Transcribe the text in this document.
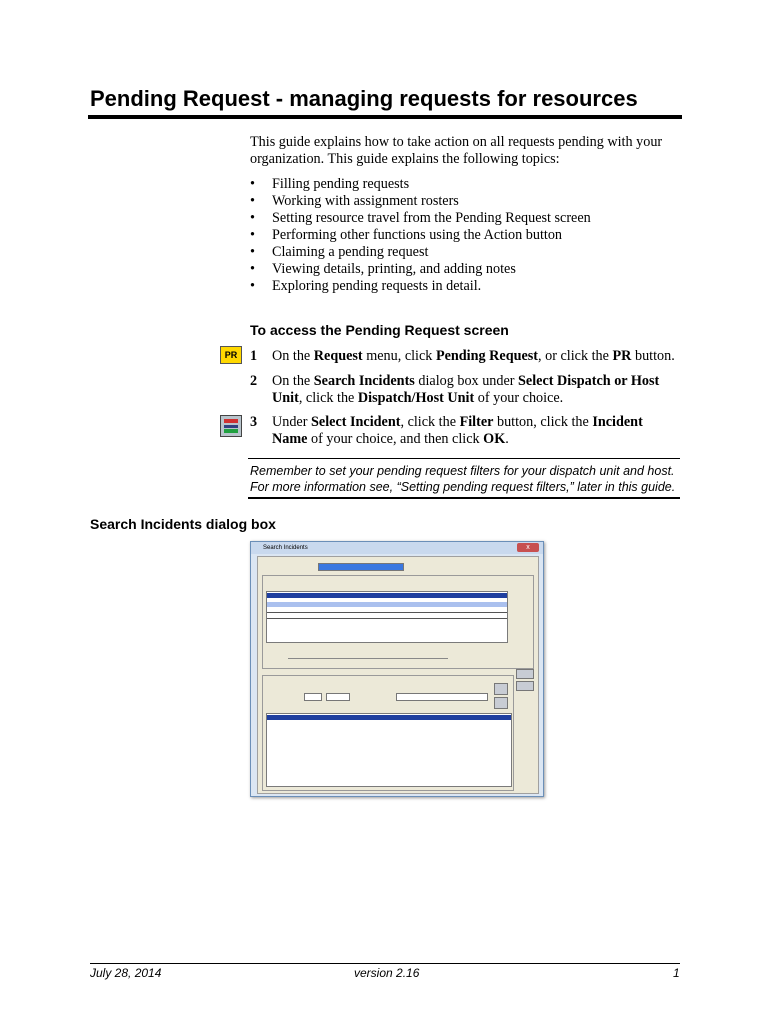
Pending Request - managing requests for resources
This guide explains how to take action on all requests pending with your organization. This guide explains the following topics:
• Filling pending requests
• Working with assignment rosters
• Setting resource travel from the Pending Request screen
• Performing other functions using the Action button
• Claiming a pending request
• Viewing details, printing, and adding notes
• Exploring pending requests in detail.
To access the Pending Request screen
PR 1 On the Request menu, click Pending Request, or click the PR button.
2 On the Search Incidents dialog box under Select Dispatch or Host Unit, click the Dispatch/Host Unit of your choice.
3 Under Select Incident, click the Filter button, click the Incident Name of your choice, and then click OK.
Remember to set your pending request filters for your dispatch unit and host. For more information see, “Setting pending request filters,” later in this guide.
Search Incidents dialog box
Search Incidents	x
July 28, 2014	version 2.16	1
